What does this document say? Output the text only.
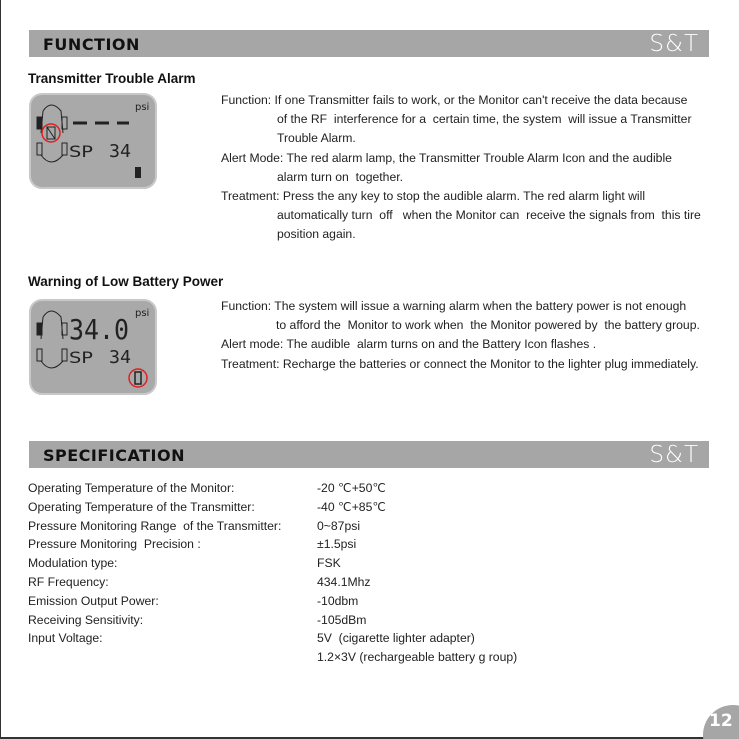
FUNCTION	S&T
Transmitter Trouble Alarm
psi
SP 34
Warning of Low Battery Power
34.0 psi
SP 34
SPECIFICATION	S&T
12
Function: If one Transmitter fails to work, or the Monitor can't receive the data because
of the RF  interference for a  certain time, the system  will issue a Transmitter
Trouble Alarm.
Alert Mode: The red alarm lamp, the Transmitter Trouble Alarm Icon and the audible
alarm turn on  together.
Treatment: Press the any key to stop the audible alarm. The red alarm light will
automatically turn  off   when the Monitor can  receive the signals from  this tire
position again.
Function: The system will issue a warning alarm when the battery power is not enough
to afford the  Monitor to work when  the Monitor powered by  the battery group.
Alert mode: The audible  alarm turns on and the Battery Icon flashes .
Treatment: Recharge the batteries or connect the Monitor to the lighter plug immediately.
Operating Temperature of the Monitor:	-20 ℃+50℃
Operating Temperature of the Transmitter:	-40 ℃+85℃
Pressure Monitoring Range  of the Transmitter:	0~87psi
Pressure Monitoring  Precision :	±1.5psi
Modulation type:	FSK
RF Frequency:	434.1Mhz
Emission Output Power:	-10dbm
Receiving Sensitivity:	-105dBm
Input Voltage:	5V  (cigarette lighter adapter)
1.2×3V (rechargeable battery g roup)
